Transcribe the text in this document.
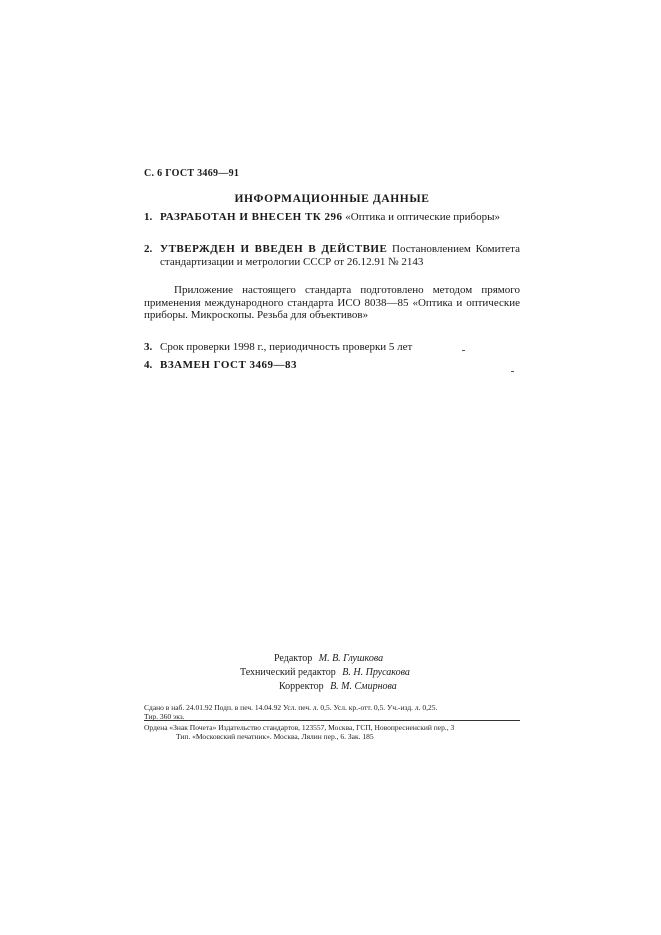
С. 6 ГОСТ 3469—91
ИНФОРМАЦИОННЫЕ ДАННЫЕ
1. РАЗРАБОТАН И ВНЕСЕН ТК 296 «Оптика и оптические приборы»
2. УТВЕРЖДЕН И ВВЕДЕН В ДЕЙСТВИЕ Постановлением Комитета стандартизации и метрологии СССР от 26.12.91 № 2143
Приложение настоящего стандарта подготовлено методом прямого применения международного стандарта ИСО 8038—85 «Оптика и оптические приборы. Микроскопы. Резьба для объективов»
3. Срок проверки 1998 г., периодичность проверки 5 лет
4. ВЗАМЕН ГОСТ 3469—83
Редактор М. В. Глушкова
Технический редактор В. Н. Прусакова
Корректор В. М. Смирнова
Сдано в наб. 24.01.92 Подп. в печ. 14.04.92 Усл. печ. л. 0,5. Усл. кр.-отт. 0,5. Уч.-изд. л. 0,25.
Тир. 360 экз.
Ордена «Знак Почета» Издательство стандартов, 123557, Москва, ГСП, Новопресненский пер., 3
Тип. «Московский печатник». Москва, Лялин пер., 6. Зак. 185
